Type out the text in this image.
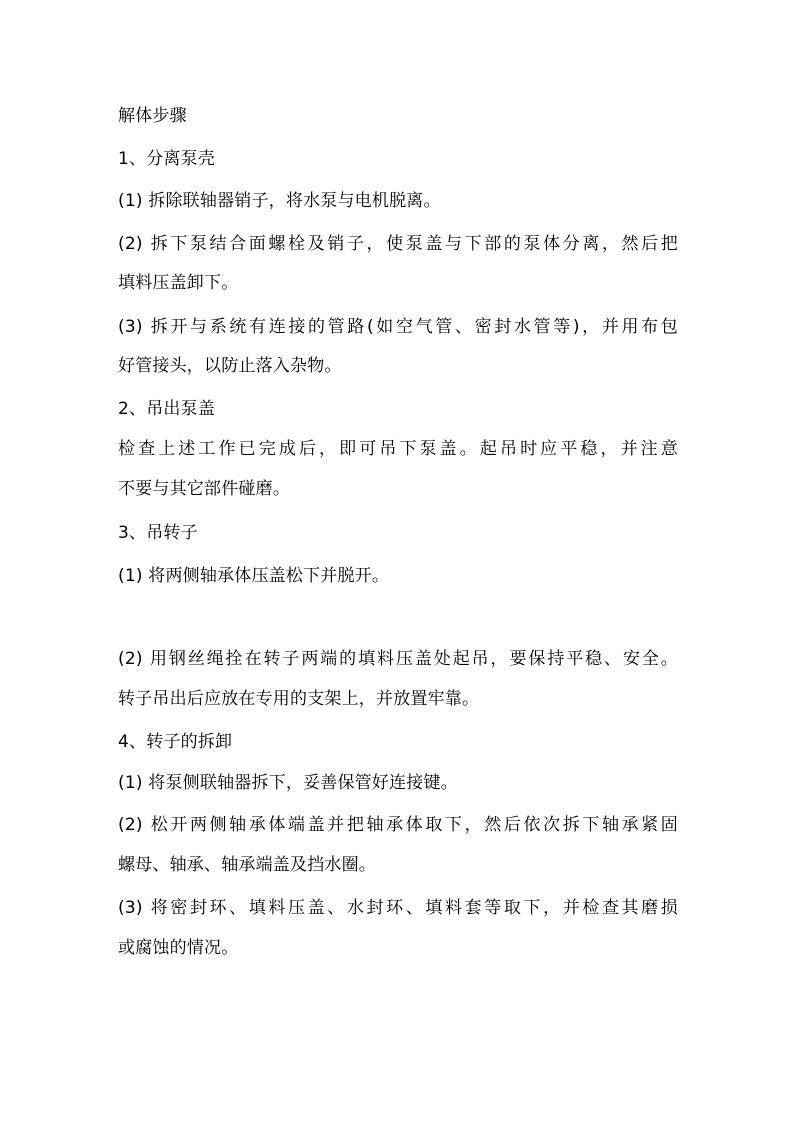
解体步骤
1、分离泵壳
(1) 拆除联轴器销子，将水泵与电机脱离。
(2) 拆下泵结合面螺栓及销子，使泵盖与下部的泵体分离，然后把
填料压盖卸下。
(3) 拆开与系统有连接的管路(如空气管、密封水管等)，并用布包
好管接头，以防止落入杂物。
2、吊出泵盖
检查上述工作已完成后，即可吊下泵盖。起吊时应平稳，并注意
不要与其它部件碰磨。
3、吊转子
(1) 将两侧轴承体压盖松下并脱开。
(2) 用钢丝绳拴在转子两端的填料压盖处起吊，要保持平稳、安全。
转子吊出后应放在专用的支架上，并放置牢靠。
4、转子的拆卸
(1) 将泵侧联轴器拆下，妥善保管好连接键。
(2) 松开两侧轴承体端盖并把轴承体取下，然后依次拆下轴承紧固
螺母、轴承、轴承端盖及挡水圈。
(3) 将密封环、填料压盖、水封环、填料套等取下，并检查其磨损
或腐蚀的情况。
